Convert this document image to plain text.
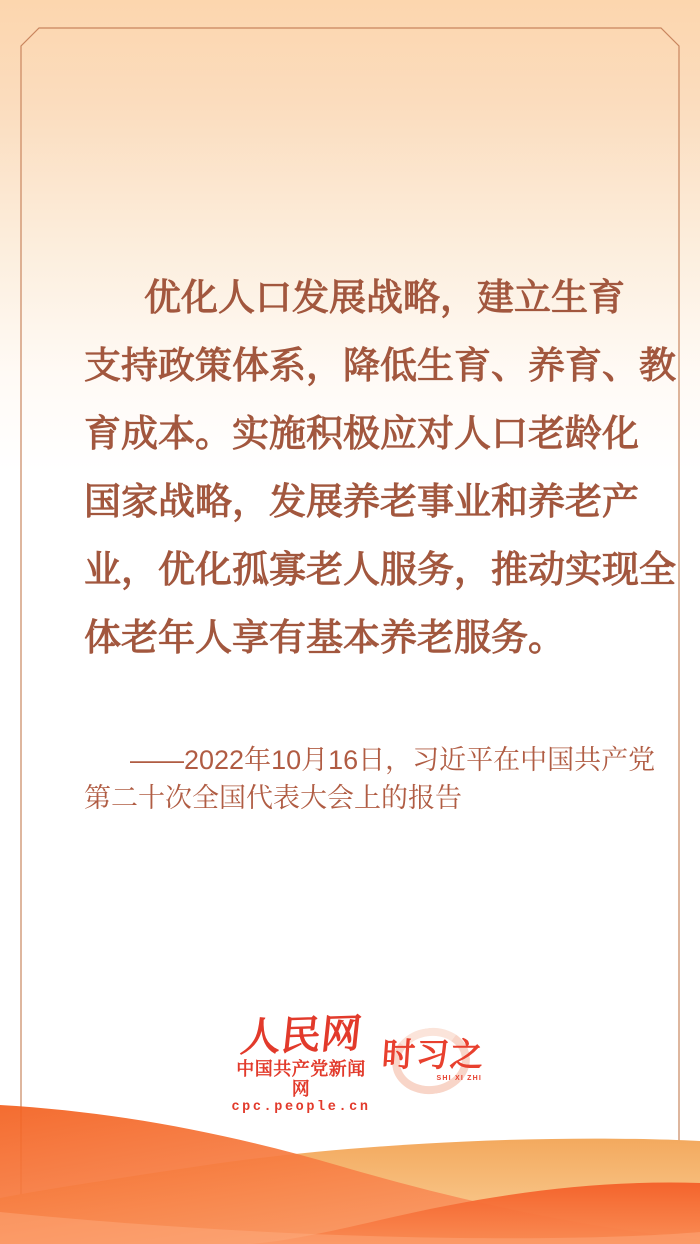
优化人口发展战略，建立生育
支持政策体系，降低生育、养育、教
育成本。实施积极应对人口老龄化
国家战略，发展养老事业和养老产
业，优化孤寡老人服务，推动实现全
体老年人享有基本养老服务。
——2022年10月16日，习近平在中国共产党
第二十次全国代表大会上的报告
人民网
中国共产党新闻网
cpc.people.cn
时习之
SHI XI ZHI
